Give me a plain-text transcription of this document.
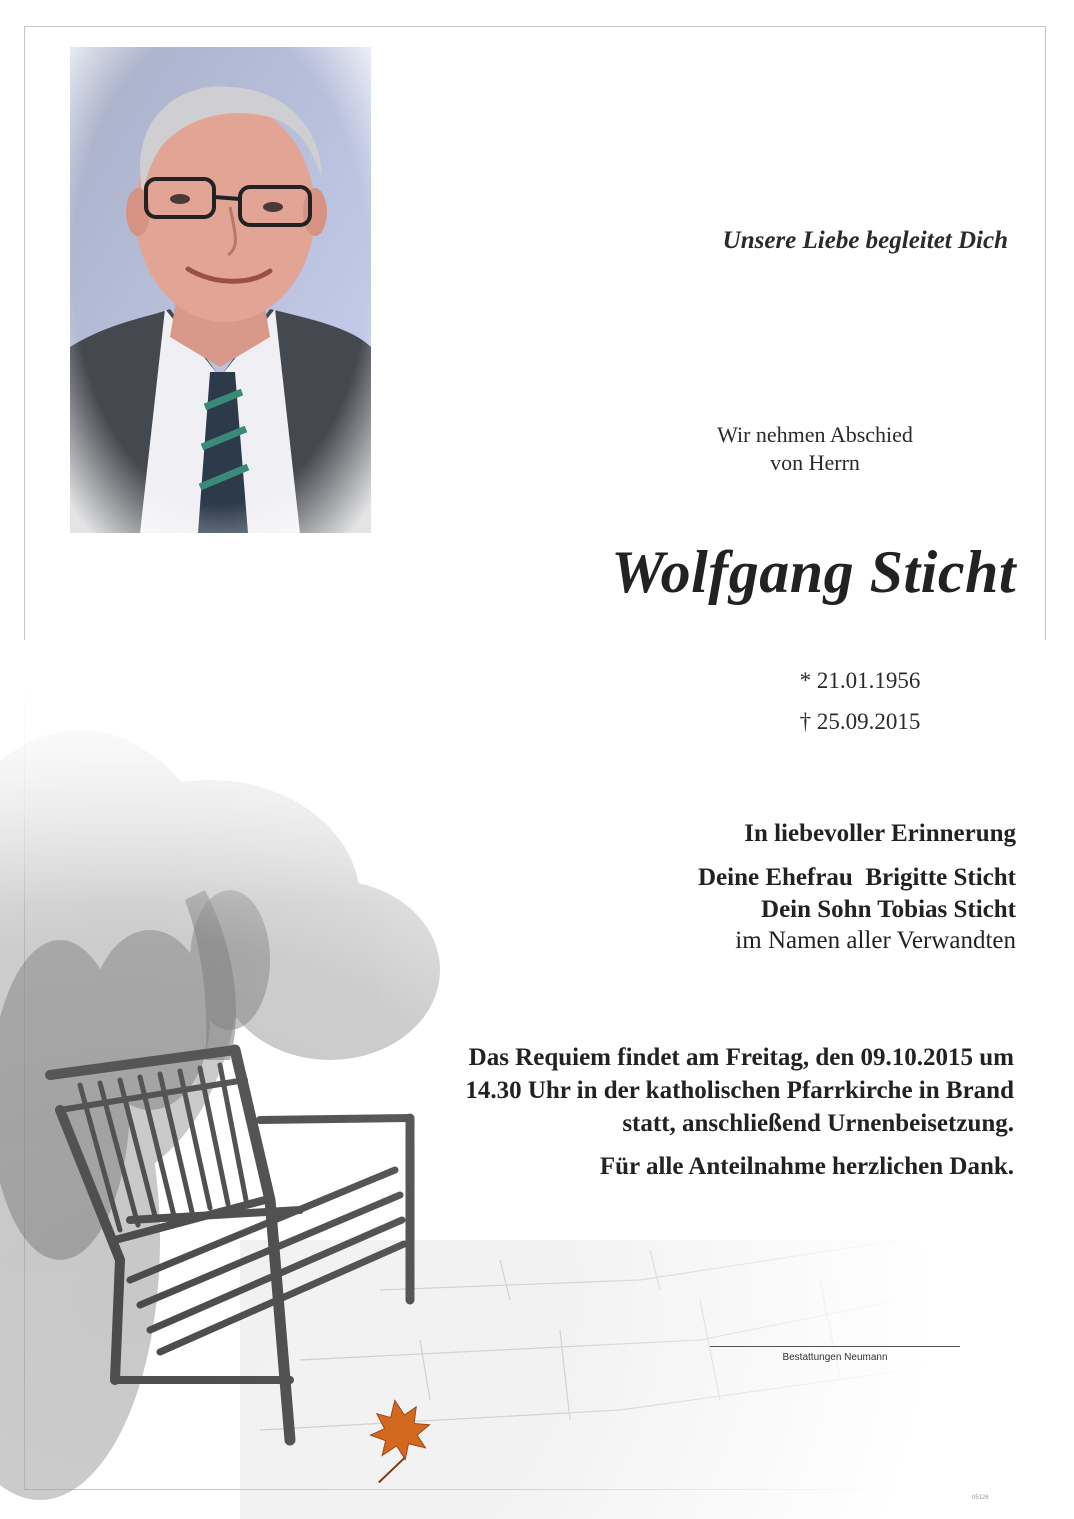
Unsere Liebe begleitet Dich
Wir nehmen Abschied
von Herrn
Wolfgang Sticht
* 21.01.1956
† 25.09.2015
In liebevoller Erinnerung
Deine Ehefrau  Brigitte Sticht
Dein Sohn Tobias Sticht
im Namen aller Verwandten
Das Requiem findet am Freitag, den 09.10.2015 um
14.30 Uhr in der katholischen Pfarrkirche in Brand
statt, anschließend Urnenbeisetzung.
Für alle Anteilnahme herzlichen Dank.
Bestattungen Neumann
05126
